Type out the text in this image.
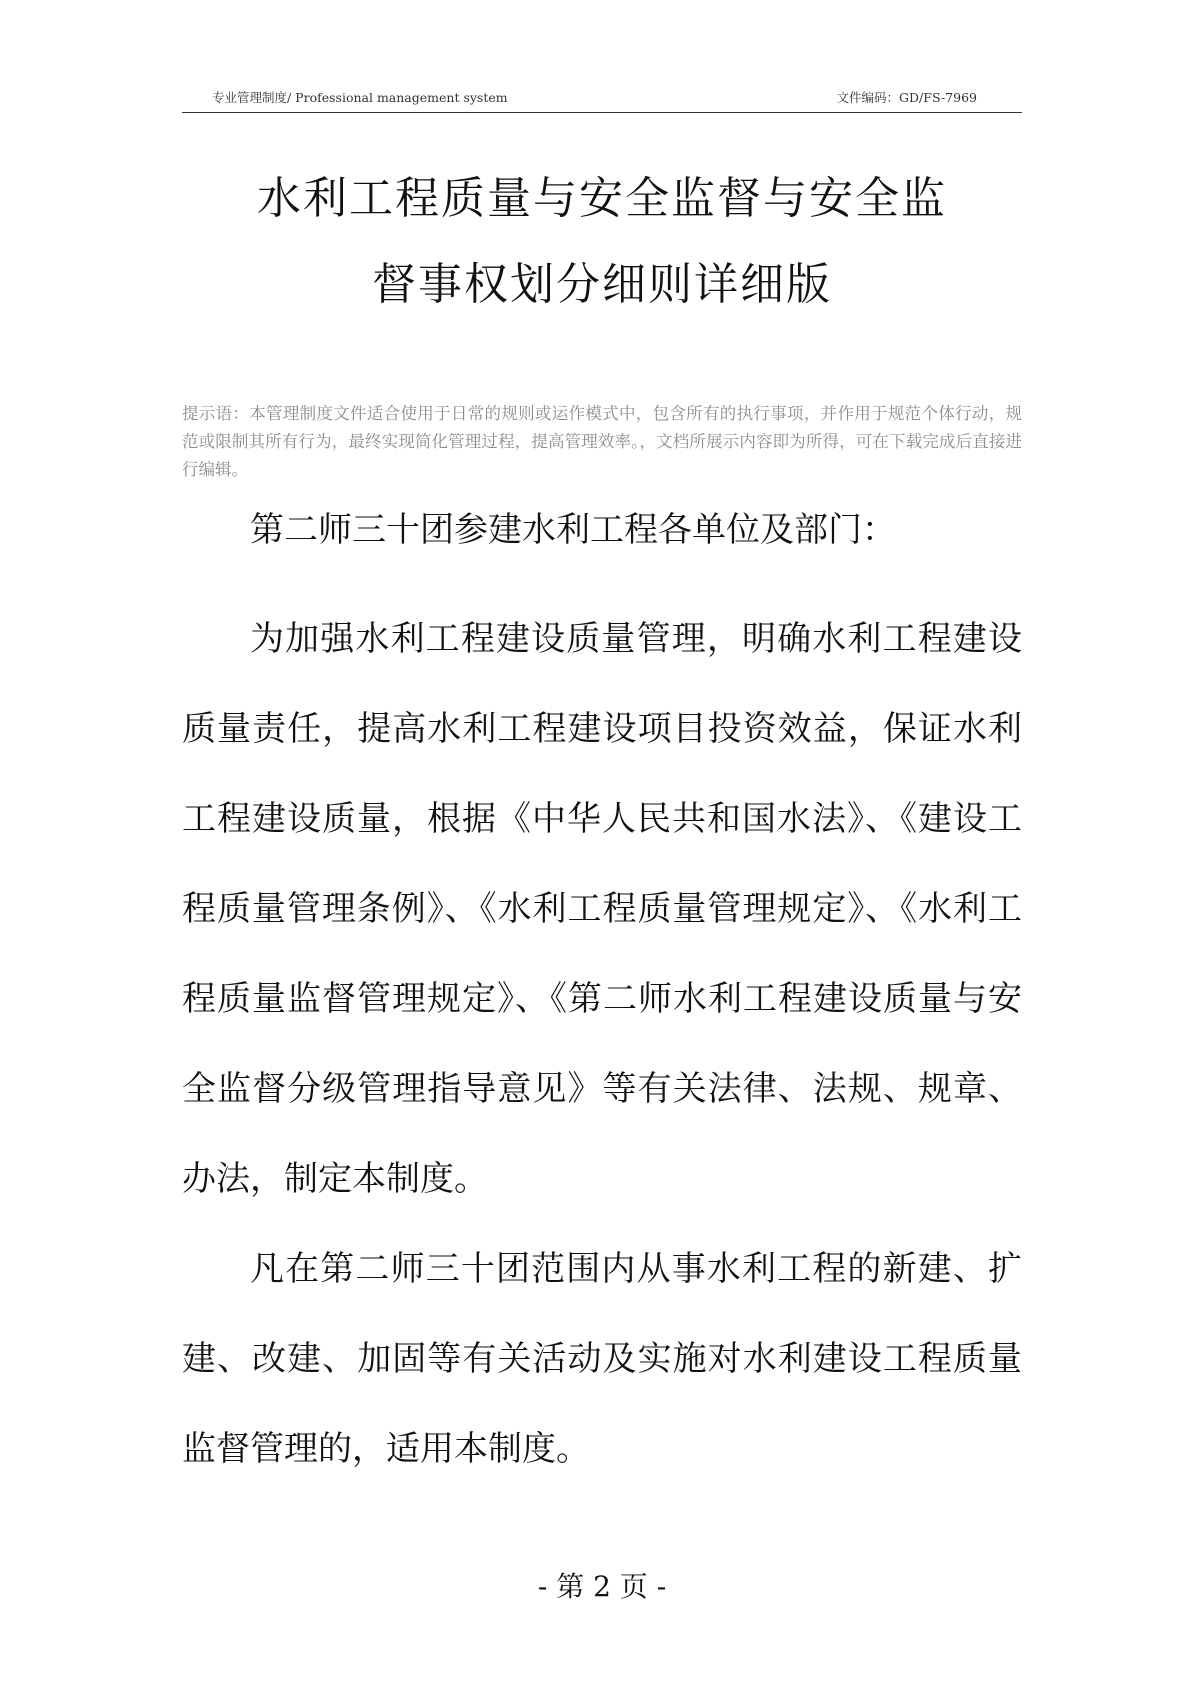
专业管理制度/ Professional management system	文件编码：GD/FS-7969
水利工程质量与安全监督与安全监
督事权划分细则详细版
提示语：本管理制度文件适合使用于日常的规则或运作模式中，包含所有的执行事项，并作用于规范个体行动，规范或限制其所有行为，最终实现简化管理过程，提高管理效率。，文档所展示内容即为所得，可在下载完成后直接进行编辑。

第二师三十团参建水利工程各单位及部门：

为加强水利工程建设质量管理，明确水利工程建设质量责任，提高水利工程建设项目投资效益，保证水利工程建设质量，根据《中华人民共和国水法》、《建设工程质量管理条例》、《水利工程质量管理规定》、《水利工程质量监督管理规定》、《第二师水利工程建设质量与安全监督分级管理指导意见》等有关法律、法规、规章、办法，制定本制度。

凡在第二师三十团范围内从事水利工程的新建、扩建、改建、加固等有关活动及实施对水利建设工程质量监督管理的，适用本制度。

- 第 2 页 -
